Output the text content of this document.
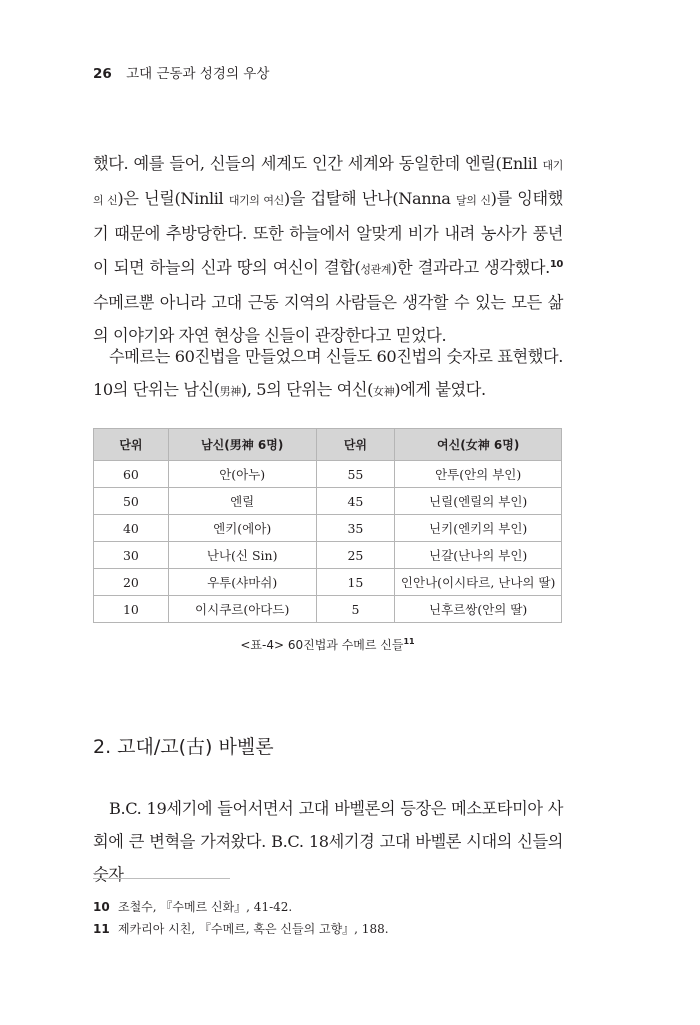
26 고대 근동과 성경의 우상

했다. 예를 들어, 신들의 세계도 인간 세계와 동일한데 엔릴(Enlil 대기의 신)은 닌릴(Ninlil 대기의 여신)을 겁탈해 난나(Nanna 달의 신)를 잉태했기 때문에 추방당한다. 또한 하늘에서 알맞게 비가 내려 농사가 풍년이 되면 하늘의 신과 땅의 여신이 결합(성관계)한 결과라고 생각했다.$^{10}$ 수메르뿐 아니라 고대 근동 지역의 사람들은 생각할 수 있는 모든 삶의 이야기와 자연 현상을 신들이 관장한다고 믿었다.

수메르는 60진법을 만들었으며 신들도 60진법의 숫자로 표현했다. 10의 단위는 남신(男神), 5의 단위는 여신(女神)에게 붙였다.

단위	남신(男神 6명)	단위	여신(女神 6명)
60	안(아누)	55	안투(안의 부인)
50	엔릴	45	닌릴(엔릴의 부인)
40	엔키(에아)	35	닌키(엔키의 부인)
30	난나(신 Sin)	25	닌갈(난나의 부인)
20	우투(샤마쉬)	15	인안나(이시타르, 난나의 딸)
10	이시쿠르(아다드)	5	닌후르쌍(안의 딸)
<표-4> 60진법과 수메르 신들$^{11}$
2. 고대/고(古) 바벨론

B.C. 19세기에 들어서면서 고대 바벨론의 등장은 메소포타미아 사회에 큰 변혁을 가져왔다. B.C. 18세기경 고대 바벨론 시대의 신들의 숫자

10 조철수, 『수메르 신화』, 41-42.
11 제카리아 시친, 『수메르, 혹은 신들의 고향』, 188.
